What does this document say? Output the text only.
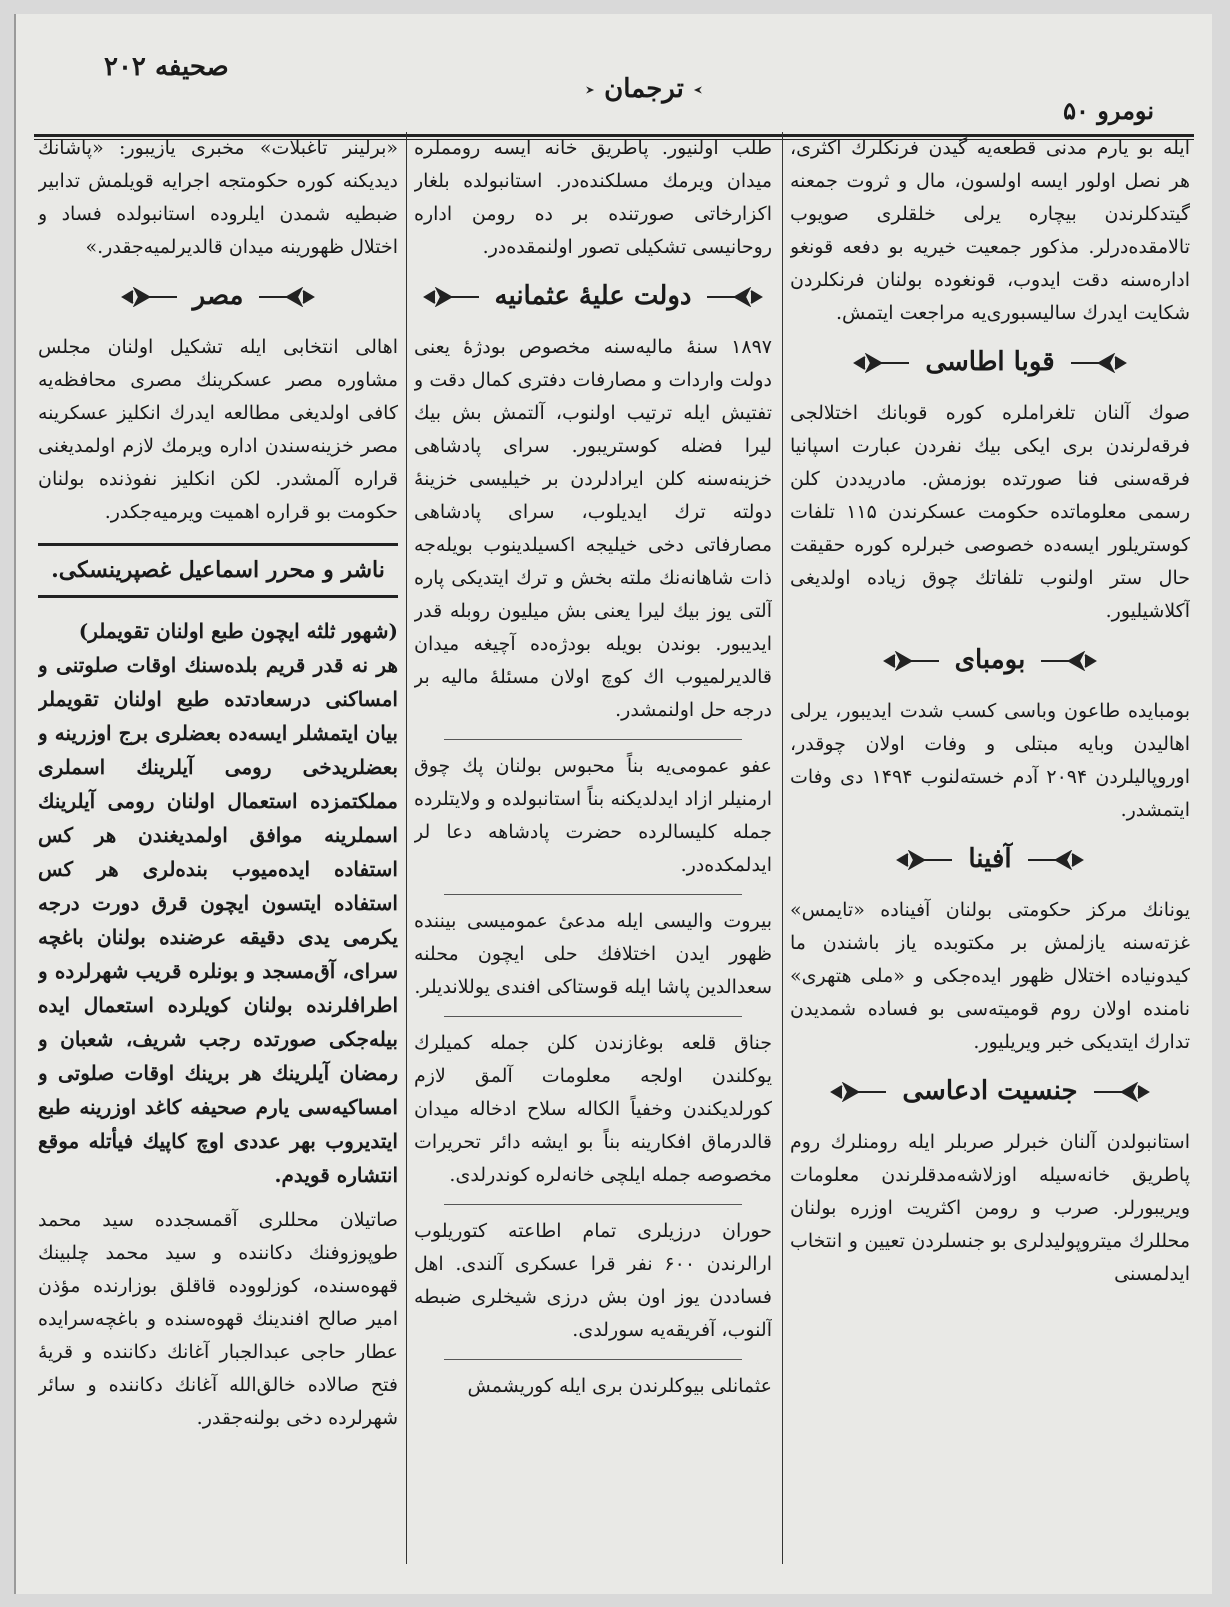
صحیفه ۲۰۲
ترجمان
نومرو ۵۰

ایله بو یارم مدنی قطعه‌یه گیدن فرنکلرك اکثری، هر نصل اولور ایسه اولسون، مال و ثروت جمعنه گیتدکلرندن بیچاره یرلی خلقلری صویوب تالامقده‌درلر. مذکور جمعیت خیریه بو دفعه قونغو اداره‌سنه دقت ایدوب، قونغوده بولنان فرنکلردن شکایت ایدرك سالیسبوری‌یه مراجعت ایتمش.

قوبا اطاسی

صوك آلنان تلغراملره کوره قوبانك اختلالجی فرقه‌لرندن بری ایکی بیك نفردن عبارت اسپانیا فرقه‌سنی فنا صورتده بوزمش. مادریددن کلن رسمی معلوماتده حکومت عسکرندن ۱۱۵ تلفات کوستریلور ایسه‌ده خصوصی خبرلره کوره حقیقت حال ستر اولنوب تلفاتك چوق زیاده اولدیغی آکلاشیلیور.

بومبای

بومبایده طاعون وباسی کسب شدت ایدیبور، یرلی اهالیدن وبایه مبتلی و وفات اولان چوقدر، اوروپالیلردن ۲۰۹۴ آدم خسته‌لنوب ۱۴۹۴ دی وفات ایتمشدر.

آفینا

یونانك مرکز حکومتی بولنان آفیناده «تایمس» غزته‌سنه یازلمش بر مکتوبده یاز باشندن ما کیدونیاده اختلال ظهور ایده‌جکی و «ملی هتهری» نامنده اولان روم قومیته‌سی بو فساده شمدیدن تدارك ایتدیکی خبر ویریلیور.

جنسیت ادعاسی

استانبولدن آلنان خبرلر صربلر ایله رومنلرك روم پاطریق خانه‌سیله اوزلاشه‌مدقلرندن معلومات ویریبورلر. صرب و رومن اکثریت اوزره بولنان محللرك میتروپولیدلری بو جنسلردن تعیین و انتخاب ایدلمسنی

طلب اولنیور. پاطریق خانه ایسه رومملره میدان ویرمك مسلکنده‌در. استانبولده بلغار اکزارخاتی صورتنده بر ده رومن اداره روحانیسی تشکیلی تصور اولنمقده‌در.

دولت علیهٔ عثمانیه

۱۸۹۷ سنهٔ مالیه‌سنه مخصوص بودژهٔ یعنی دولت واردات و مصارفات دفتری کمال دقت و تفتیش ایله ترتیب اولنوب، آلتمش بش بیك لیرا فضله کوستریبور. سرای پادشاهی خزینه‌سنه کلن ایرادلردن بر خیلیسی خزینهٔ دولته ترك ایدیلوب، سرای پادشاهی مصارفاتی دخی خیلیجه اکسیلدینوب بویله‌جه ذات شاهانه‌نك ملته بخش و ترك ایتدیکی پاره آلتی یوز بیك لیرا یعنی بش میلیون روبله قدر ایدیبور. بوندن بویله بودژه‌ده آچیغه میدان قالدیرلمیوب اك کوچ اولان مسئلهٔ مالیه بر درجه حل اولنمشدر.

عفو عمومی‌یه بناً محبوس بولنان پك چوق ارمنیلر ازاد ایدلدیکنه بناً استانبولده و ولایتلرده جمله کلیسالرده حضرت پادشاهه دعا لر ایدلمکده‌در.

بیروت والیسی ایله مدعیٔ عمومیسی بیننده ظهور ایدن اختلافك حلی ایچون محلنه سعدالدین پاشا ایله قوستاکی افندی یوللاندیلر.

جناق قلعه بوغازندن کلن جمله کمیلرك یوکلندن اولجه معلومات آلمق لازم کورلدیکندن وخفیاً الکاله سلاح ادخاله میدان قالدرماق افکارینه بناً بو ایشه دائر تحریرات مخصوصه جمله ایلچی خانه‌لره کوندرلدی.

حوران درزیلری تمام اطاعته کتوریلوب ارالرندن ۶۰۰ نفر قرا عسکری آلندی. اهل فساددن یوز اون بش درزی شیخلری ضبطه آلنوب، آفریقه‌یه سورلدی.

عثمانلی بیوکلرندن بری ایله کوریشمش

«برلینر تاغبلات» مخبری یازیبور: «پاشانك دیدیکنه کوره حکومتجه اجرایه قویلمش تدابیر ضبطیه شمدن ایلروده استانبولده فساد و اختلال ظهورینه میدان قالدیرلمیه‌جقدر.»

مصر

اهالی انتخابی ایله تشکیل اولنان مجلس مشاوره مصر عسکرینك مصری محافظه‌یه کافی اولدیغی مطالعه ایدرك انکلیز عسکرینه مصر خزینه‌سندن اداره ویرمك لازم اولمدیغنی قراره آلمشدر. لکن انکلیز نفوذنده بولنان حکومت بو قراره اهمیت ویرمیه‌جکدر.

ناشر و محرر اسماعیل غصپرینسکی.
(شهور ثلثه ایچون طبع اولنان تقویملر)

هر نه قدر قریم بلده‌سنك اوقات صلوتنی و امساکنی درسعادتده طبع اولنان تقویملر بیان ایتمشلر ایسه‌ده بعضلری برج اوزرینه و بعضلریدخی رومی آیلرینك اسملری مملکتمزده استعمال اولنان رومی آیلرینك اسملرینه موافق اولمدیغندن هر کس استفاده ایده‌میوب بنده‌لری هر کس استفاده ایتسون ایچون قرق دورت درجه یکرمی یدی دقیقه عرضنده بولنان باغچه سرای، آق‌مسجد و بونلره قریب شهرلرده و اطرافلرنده بولنان کویلرده استعمال ایده بیله‌جکی صورتده رجب شریف، شعبان و رمضان آیلرینك هر برینك اوقات صلوتی و امساکیه‌سی یارم صحیفه کاغد اوزرینه طبع ایتدیروب بهر عددی اوچ کاپیك فیأتله موقع انتشاره قویدم.

صاتیلان محللری آقمسجدده سید محمد طوپوزوفنك دکاننده و سید محمد چلبینك قهوه‌سنده، کوزلووده قاقلق بوزارنده مؤذن امیر صالح افندینك قهوه‌سنده و باغچه‌سرایده عطار حاجی عبدالجبار آغانك دکاننده و قریهٔ فتح صالاده خالق‌الله آغانك دکاننده و سائر شهرلرده دخی بولنه‌جقدر.
